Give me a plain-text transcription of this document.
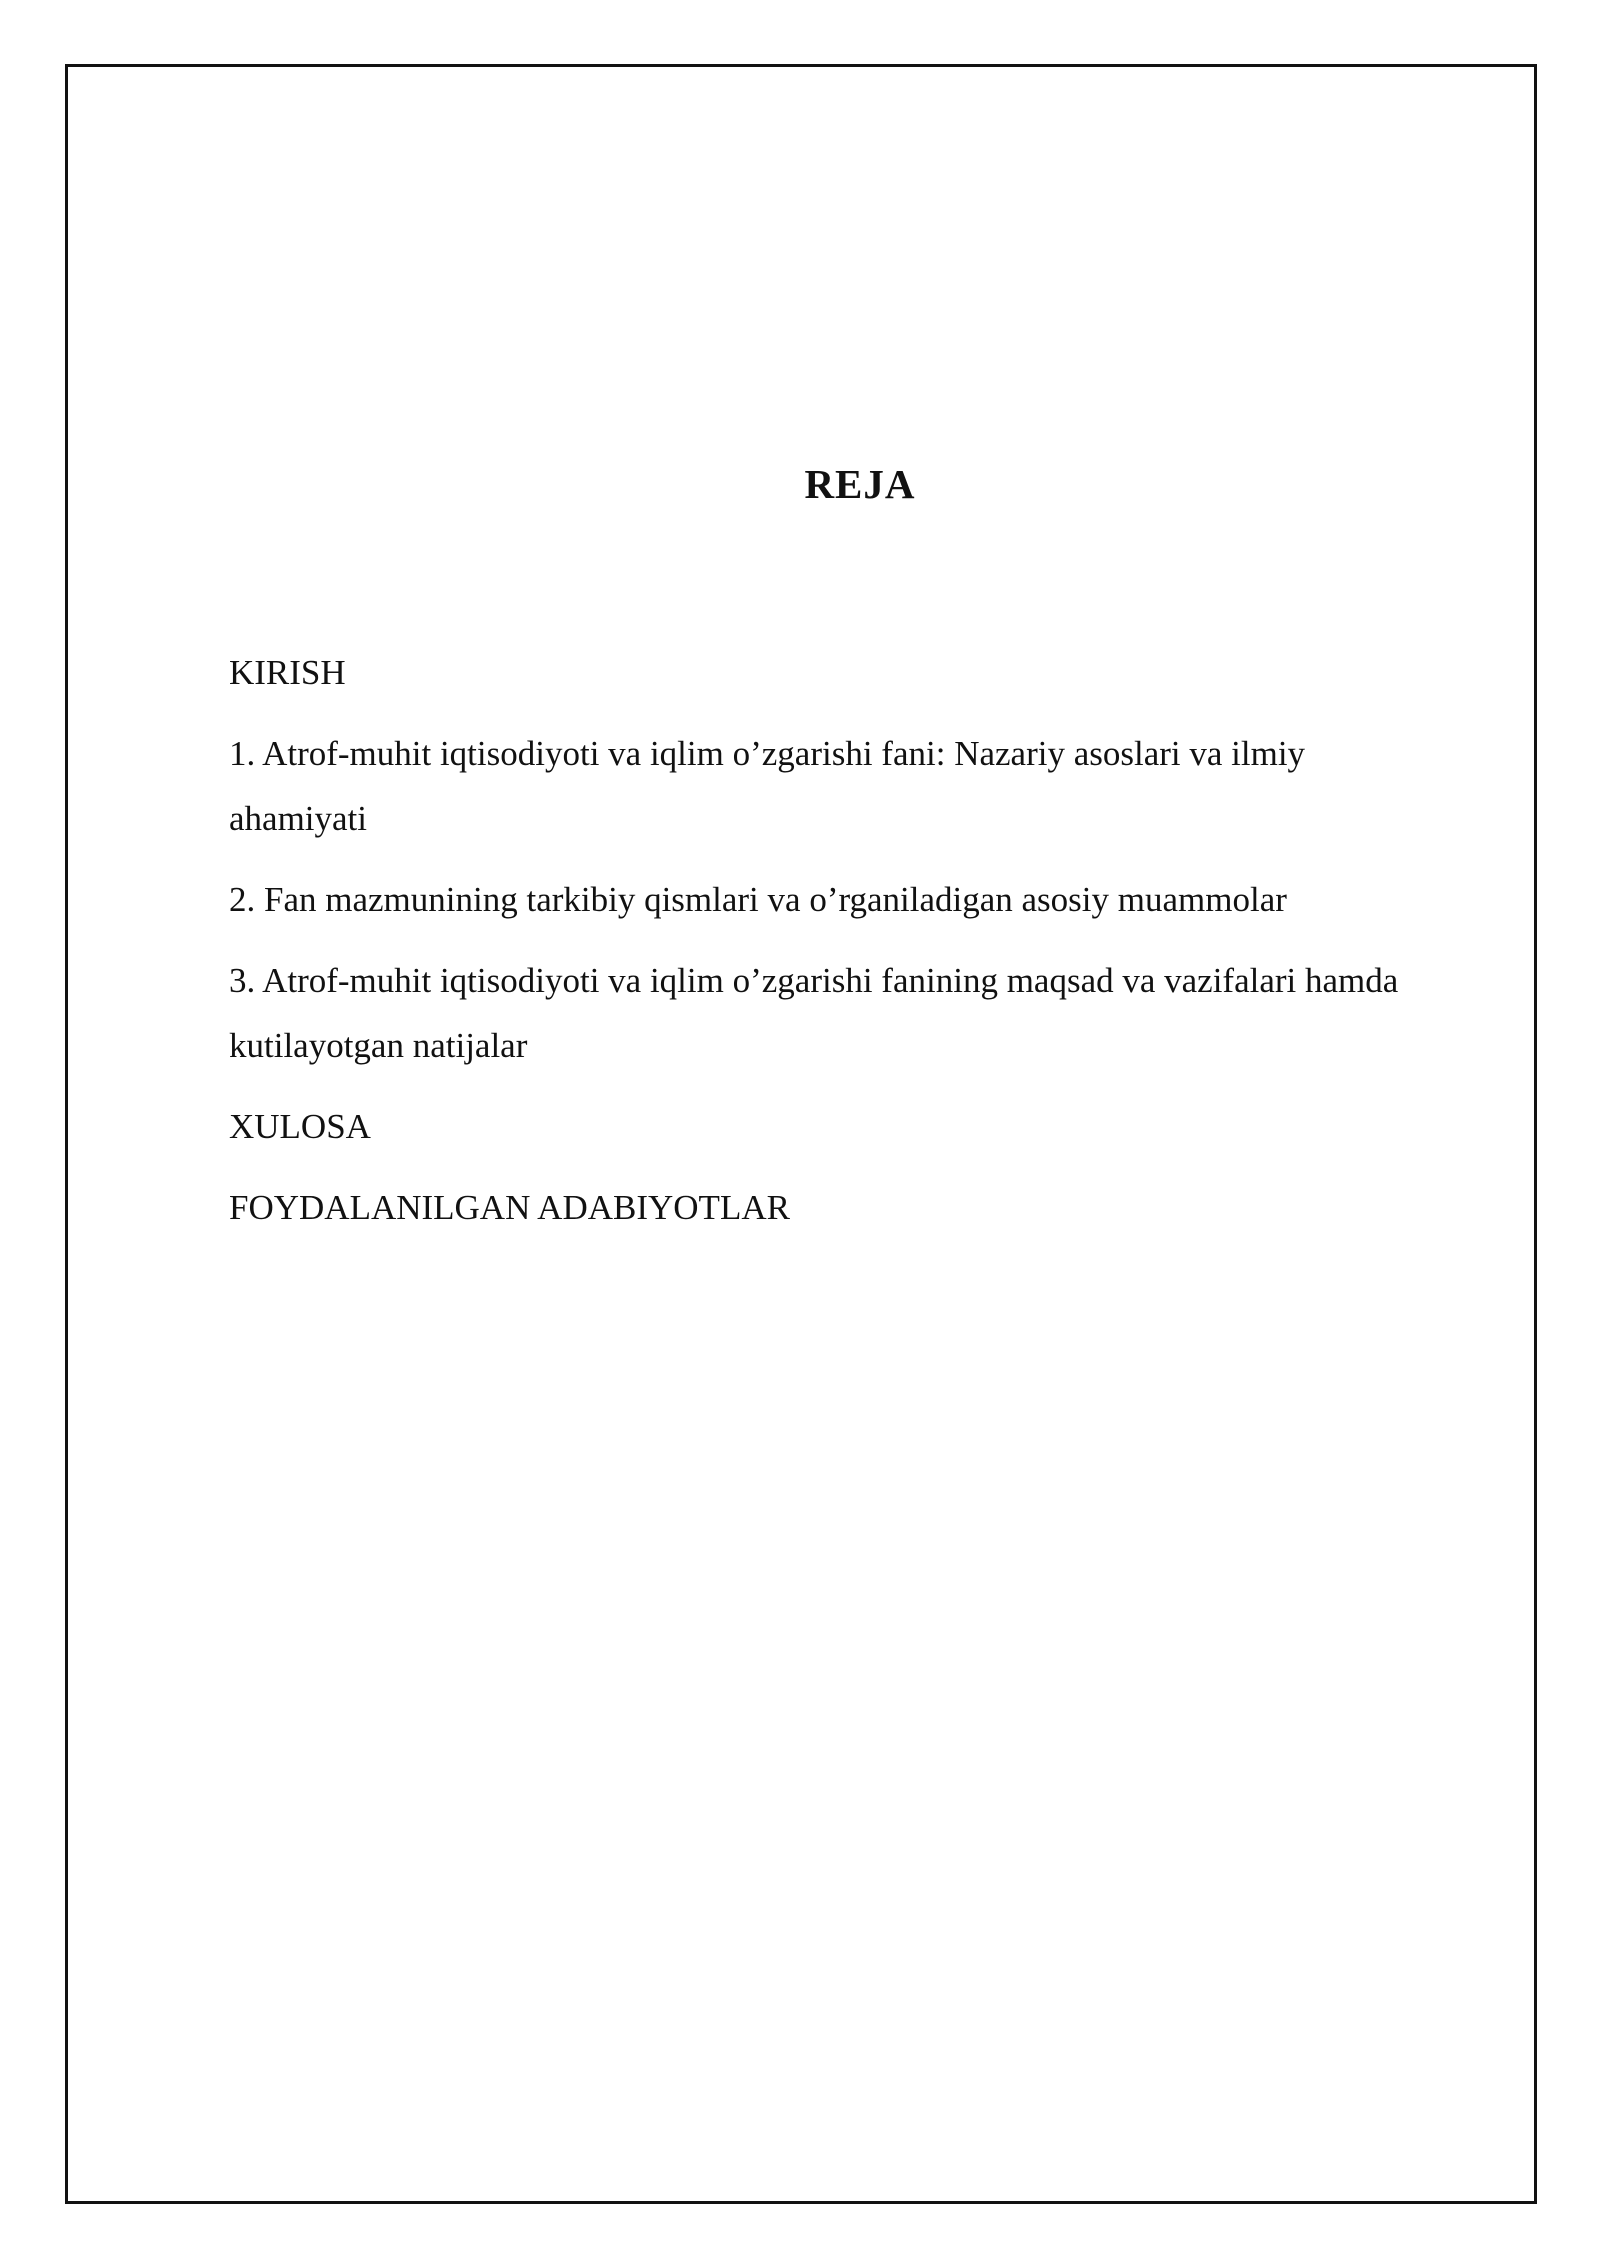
REJA
KIRISH
1. Atrof-muhit iqtisodiyoti va iqlim o’zgarishi fani: Nazariy asoslari va ilmiy ahamiyati
2. Fan mazmunining tarkibiy qismlari va o’rganiladigan asosiy muammolar
3. Atrof-muhit iqtisodiyoti va iqlim o’zgarishi fanining maqsad va vazifalari hamda kutilayotgan natijalar
XULOSA
FOYDALANILGAN ADABIYOTLAR
